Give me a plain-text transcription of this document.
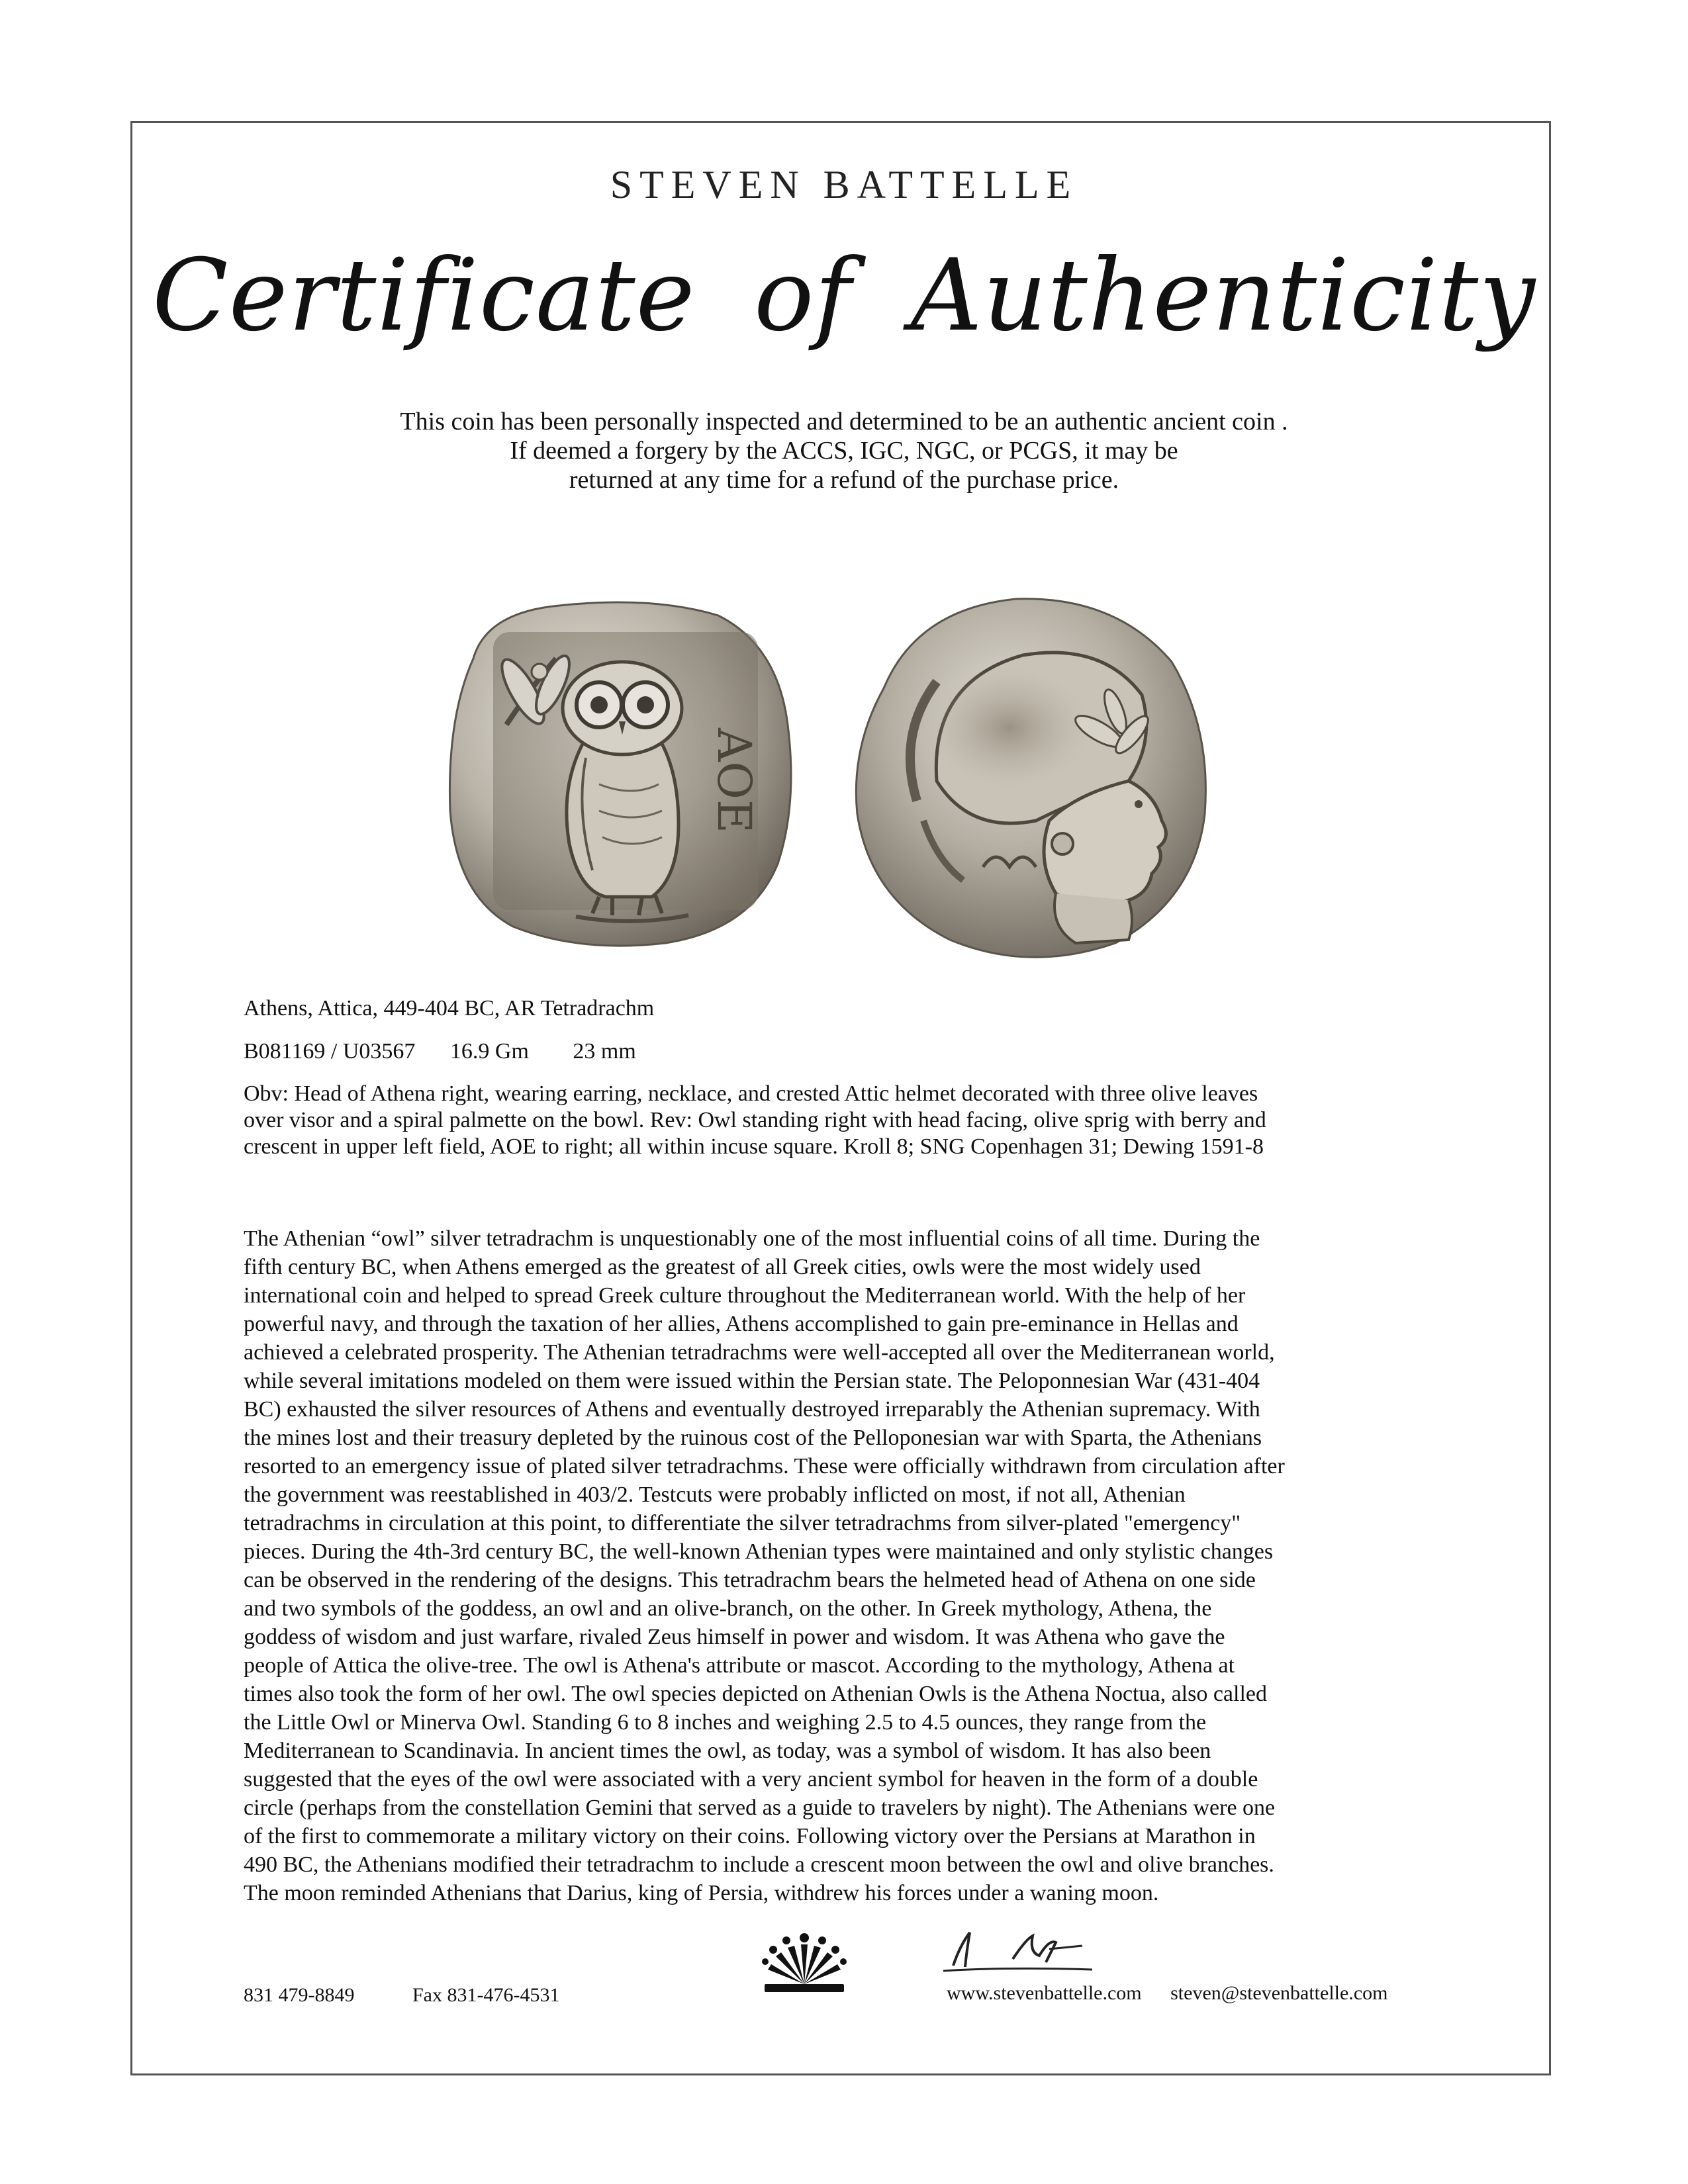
STEVEN BATTELLE
Certificate of Authenticity
This coin has been personally inspected and determined to be an authentic ancient coin .
If deemed a forgery by the ACCS, IGC, NGC, or PCGS, it may be
returned at any time for a refund of the purchase price.
AOE
Athens, Attica, 449-404 BC, AR Tetradrachm
B081169 / U03567 16.9 Gm 23 mm
Obv: Head of Athena right, wearing earring, necklace, and crested Attic helmet decorated with three olive leaves
over visor and a spiral palmette on the bowl. Rev: Owl standing right with head facing, olive sprig with berry and
crescent in upper left field, AOE to right; all within incuse square. Kroll 8; SNG Copenhagen 31; Dewing 1591-8
The Athenian “owl” silver tetradrachm is unquestionably one of the most influential coins of all time. During the
fifth century BC, when Athens emerged as the greatest of all Greek cities, owls were the most widely used
international coin and helped to spread Greek culture throughout the Mediterranean world. With the help of her
powerful navy, and through the taxation of her allies, Athens accomplished to gain pre-eminance in Hellas and
achieved a celebrated prosperity. The Athenian tetradrachms were well-accepted all over the Mediterranean world,
while several imitations modeled on them were issued within the Persian state. The Peloponnesian War (431-404
BC) exhausted the silver resources of Athens and eventually destroyed irreparably the Athenian supremacy. With
the mines lost and their treasury depleted by the ruinous cost of the Pelloponesian war with Sparta, the Athenians
resorted to an emergency issue of plated silver tetradrachms. These were officially withdrawn from circulation after
the government was reestablished in 403/2. Testcuts were probably inflicted on most, if not all, Athenian
tetradrachms in circulation at this point, to differentiate the silver tetradrachms from silver-plated "emergency"
pieces. During the 4th-3rd century BC, the well-known Athenian types were maintained and only stylistic changes
can be observed in the rendering of the designs. This tetradrachm bears the helmeted head of Athena on one side
and two symbols of the goddess, an owl and an olive-branch, on the other. In Greek mythology, Athena, the
goddess of wisdom and just warfare, rivaled Zeus himself in power and wisdom. It was Athena who gave the
people of Attica the olive-tree. The owl is Athena's attribute or mascot. According to the mythology, Athena at
times also took the form of her owl. The owl species depicted on Athenian Owls is the Athena Noctua, also called
the Little Owl or Minerva Owl. Standing 6 to 8 inches and weighing 2.5 to 4.5 ounces, they range from the
Mediterranean to Scandinavia. In ancient times the owl, as today, was a symbol of wisdom. It has also been
suggested that the eyes of the owl were associated with a very ancient symbol for heaven in the form of a double
circle (perhaps from the constellation Gemini that served as a guide to travelers by night). The Athenians were one
of the first to commemorate a military victory on their coins. Following victory over the Persians at Marathon in
490 BC, the Athenians modified their tetradrachm to include a crescent moon between the owl and olive branches.
The moon reminded Athenians that Darius, king of Persia, withdrew his forces under a waning moon.
831 479-8849	Fax 831-476-4531	www.stevenbattelle.com steven@stevenbattelle.com
